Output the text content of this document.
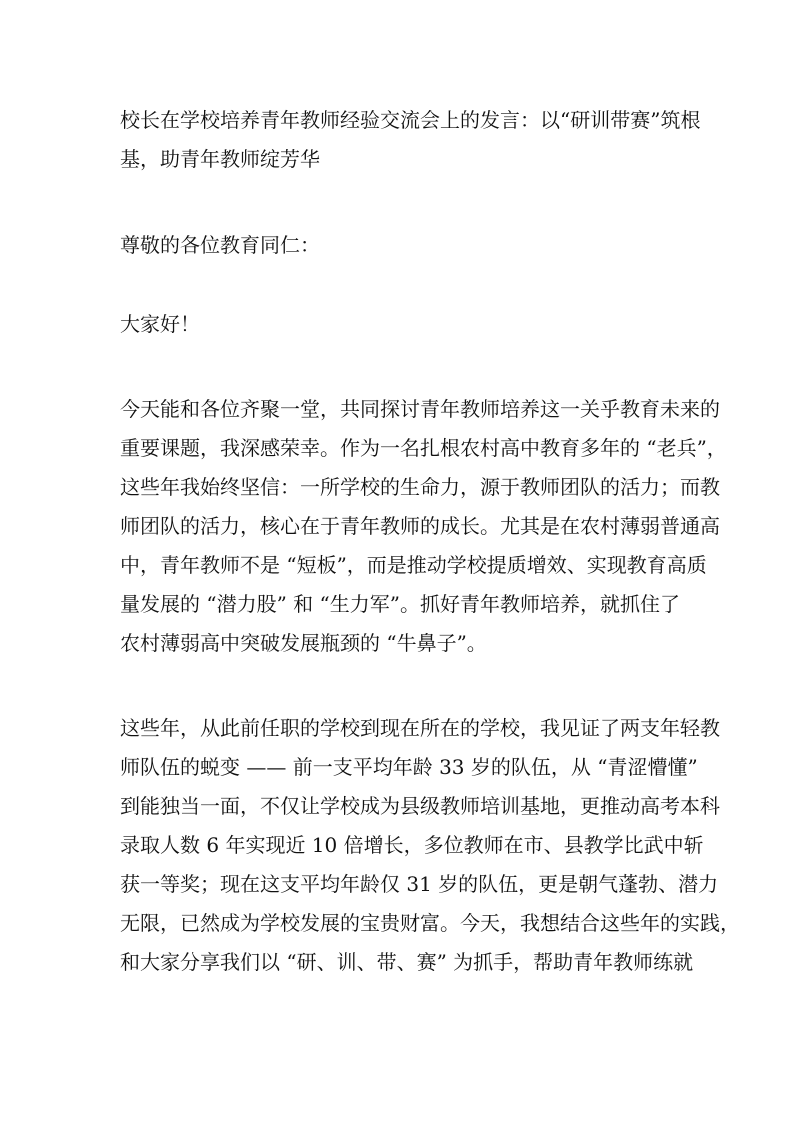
校长在学校培养青年教师经验交流会上的发言：以“研训带赛”筑根
基，助青年教师绽芳华
尊敬的各位教育同仁：
大家好！
今天能和各位齐聚一堂，共同探讨青年教师培养这一关乎教育未来的
重要课题，我深感荣幸。作为一名扎根农村高中教育多年的 “老兵”，
这些年我始终坚信：一所学校的生命力，源于教师团队的活力；而教
师团队的活力，核心在于青年教师的成长。尤其是在农村薄弱普通高
中，青年教师不是 “短板”，而是推动学校提质增效、实现教育高质
量发展的 “潜力股” 和 “生力军”。抓好青年教师培养，就抓住了
农村薄弱高中突破发展瓶颈的 “牛鼻子”。
这些年，从此前任职的学校到现在所在的学校，我见证了两支年轻教
师队伍的蜕变 —— 前一支平均年龄 33 岁的队伍，从 “青涩懵懂”
到能独当一面，不仅让学校成为县级教师培训基地，更推动高考本科
录取人数 6 年实现近 10 倍增长，多位教师在市、县教学比武中斩
获一等奖；现在这支平均年龄仅 31 岁的队伍，更是朝气蓬勃、潜力
无限，已然成为学校发展的宝贵财富。今天，我想结合这些年的实践，
和大家分享我们以 “研、训、带、赛” 为抓手，帮助青年教师练就
